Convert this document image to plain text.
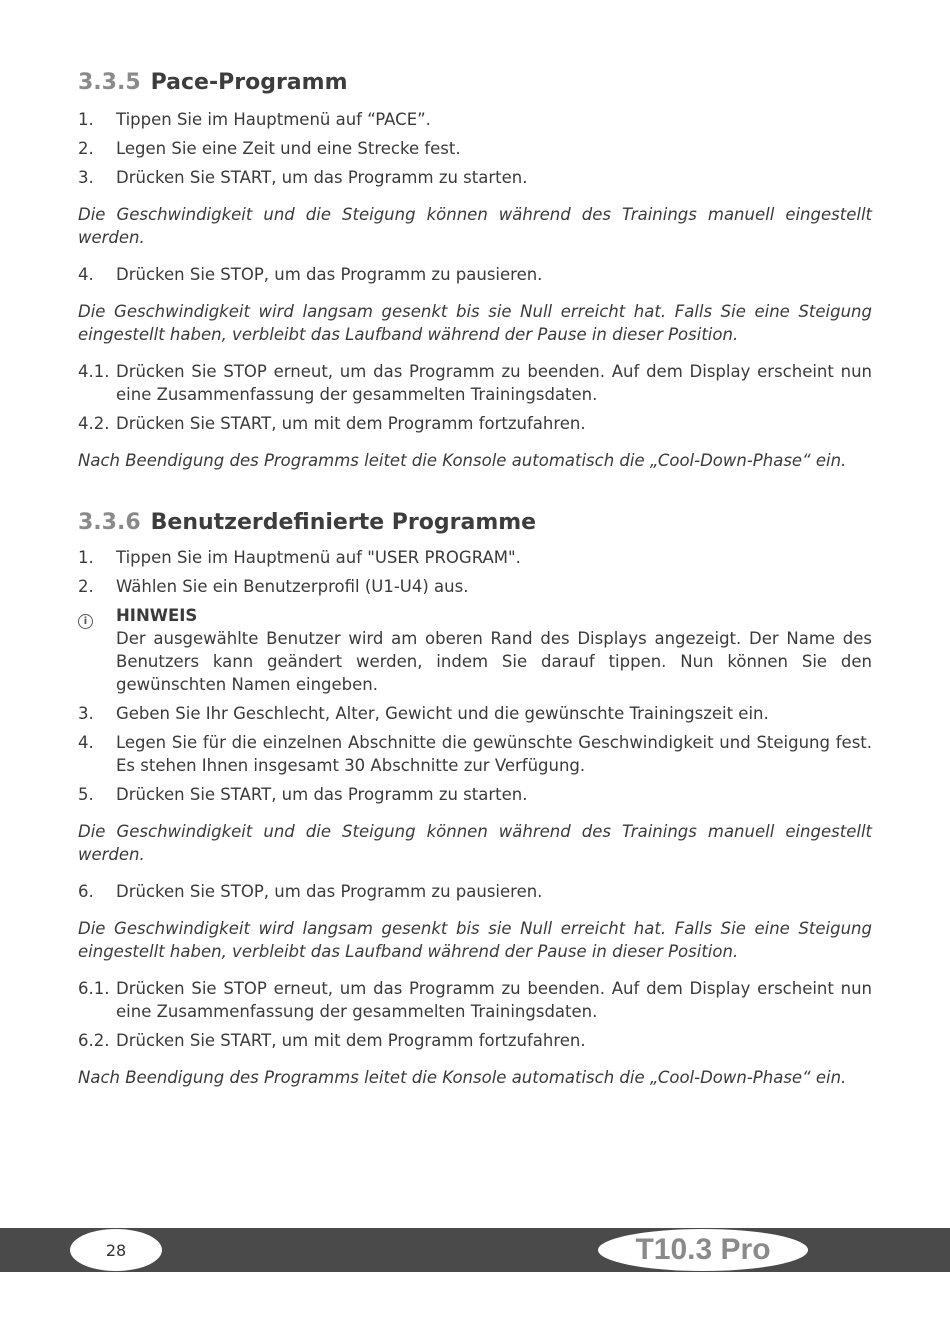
3.3.5 Pace-Programm
1.	Tippen Sie im Hauptmenü auf “PACE”.
2.	Legen Sie eine Zeit und eine Strecke fest.
3.	Drücken Sie START, um das Programm zu starten.

Die Geschwindigkeit und die Steigung können während des Trainings manuell eingestellt werden.

4.	Drücken Sie STOP, um das Programm zu pausieren.

Die Geschwindigkeit wird langsam gesenkt bis sie Null erreicht hat. Falls Sie eine Steigung eingestellt haben, verbleibt das Laufband während der Pause in dieser Position.

4.1. Drücken Sie STOP erneut, um das Programm zu beenden. Auf dem Display erscheint nun eine Zusammenfassung der gesammelten Trainingsdaten.
4.2. Drücken Sie START, um mit dem Programm fortzufahren.

Nach Beendigung des Programms leitet die Konsole automatisch die „Cool-Down-Phase“ ein.

3.3.6 Benutzerdefinierte Programme
1.	Tippen Sie im Hauptmenü auf "USER PROGRAM".
2.	Wählen Sie ein Benutzerprofil (U1-U4) aus.
i	HINWEIS
Der ausgewählte Benutzer wird am oberen Rand des Displays angezeigt. Der Name des Benutzers kann geändert werden, indem Sie darauf tippen. Nun können Sie den gewünschten Namen eingeben.
3.	Geben Sie Ihr Geschlecht, Alter, Gewicht und die gewünschte Trainingszeit ein.
4.	Legen Sie für die einzelnen Abschnitte die gewünschte Geschwindigkeit und Steigung fest. Es stehen Ihnen insgesamt 30 Abschnitte zur Verfügung.
5.	Drücken Sie START, um das Programm zu starten.

Die Geschwindigkeit und die Steigung können während des Trainings manuell eingestellt werden.

6.	Drücken Sie STOP, um das Programm zu pausieren.

Die Geschwindigkeit wird langsam gesenkt bis sie Null erreicht hat. Falls Sie eine Steigung eingestellt haben, verbleibt das Laufband während der Pause in dieser Position.

6.1. Drücken Sie STOP erneut, um das Programm zu beenden. Auf dem Display erscheint nun eine Zusammenfassung der gesammelten Trainingsdaten.
6.2. Drücken Sie START, um mit dem Programm fortzufahren.

Nach Beendigung des Programms leitet die Konsole automatisch die „Cool-Down-Phase“ ein.

28	T10.3 Pro
